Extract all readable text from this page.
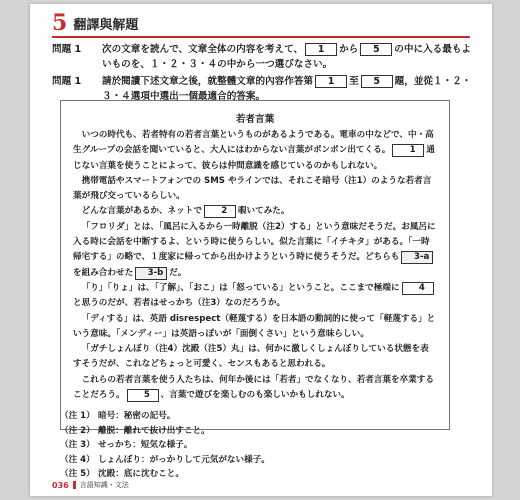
5 翻譯與解題
問題 1	次の文章を読んで、文章全体の内容を考えて、 1 から 5 の中に入る最もよいものを、１・２・３・４の中から一つ選びなさい。
問題 1	請於閱讀下述文章之後，就整體文章的內容作答第 1 至 5 題，並從１・２・３・４選項中選出一個最適合的答案。
若者言葉

いつの時代も、若者特有の若者言葉というものがあるようである。電車の中などで、中・高生グループの会話を聞いていると、大人にはわからない言葉がポンポン出てくる。 1 通じない言葉を使うことによって、彼らは仲間意識を感じているのかもしれない。

携帯電話やスマートフォンでの SMS やラインでは、それこそ暗号（注1）のような若者言葉が飛び交っているらしい。

どんな言葉があるか、ネットで 2 覗いてみた。

「フロリダ」とは、「風呂に入るから一時離脱（注2）する」という意味だそうだ。お風呂に入る時に会話を中断するよ、という時に使うらしい。似た言葉に「イチキタ」がある。「一時帰宅する」の略で、１度家に帰ってから出かけようという時に使うそうだ。どちらも 3-aを組み合わせた 3-b だ。

「り」「りょ」は、「了解」、「おこ」は「怒っている」ということ。ここまで極端に 4と思うのだが、若者はせっかち（注3）なのだろうか。

「ディする」は、英語 disrespect（軽蔑する）を日本語の動詞的に使って「軽蔑する」という意味。「メンディー」は英語っぽいが「面倒くさい」という意味らしい。

「ガチしょんぼり（注4）沈殿（注5）丸」は、何かに激しくしょんぼりしている状態を表すそうだが、これなどちょっと可愛く、センスもあると思われる。

これらの若者言葉を使う人たちは、何年か後には「若者」でなくなり、若者言葉を卒業することだろう。 5 、言葉で遊びを楽しむのも楽しいかもしれない。

（注 1） 暗号：秘密の記号。
（注 2） 離脱：離れて抜け出すこと。
（注 3） せっかち：短気な様子。
（注 4） しょんぼり：がっかりして元気がない様子。
（注 5） 沈殿：底に沈むこと。
036 言語知識・文法
